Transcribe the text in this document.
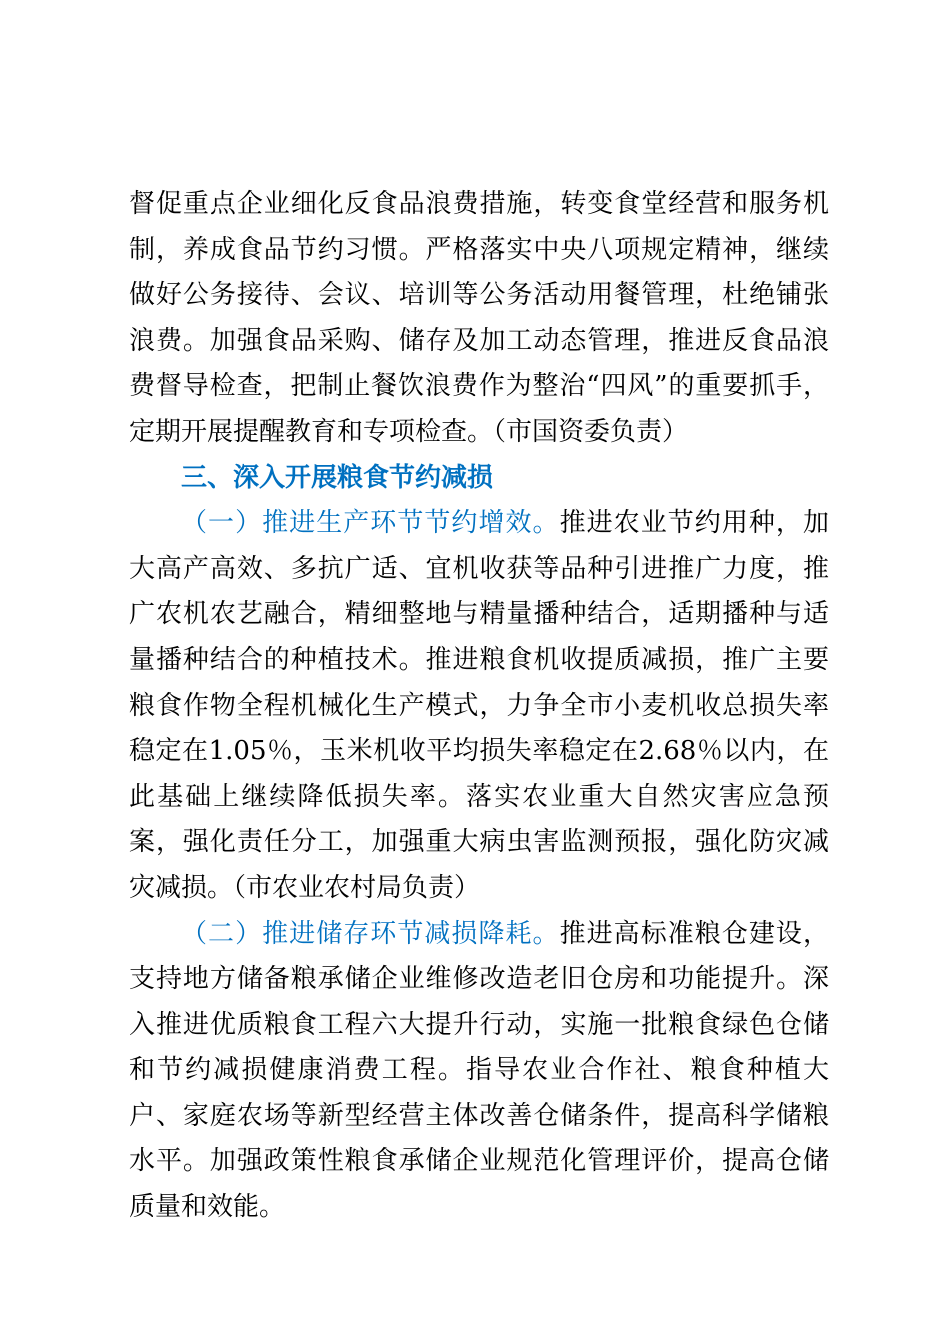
督促重点企业细化反食品浪费措施，转变食堂经营和服务机制，养成食品节约习惯。严格落实中央八项规定精神，继续做好公务接待、会议、培训等公务活动用餐管理，杜绝铺张浪费。加强食品采购、储存及加工动态管理，推进反食品浪费督导检查，把制止餐饮浪费作为整治“四风”的重要抓手，定期开展提醒教育和专项检查。（市国资委负责）

三、深入开展粮食节约减损

（一）推进生产环节节约增效。推进农业节约用种，加大高产高效、多抗广适、宜机收获等品种引进推广力度，推广农机农艺融合，精细整地与精量播种结合，适期播种与适量播种结合的种植技术。推进粮食机收提质减损，推广主要粮食作物全程机械化生产模式，力争全市小麦机收总损失率稳定在1.05％，玉米机收平均损失率稳定在2.68％以内，在此基础上继续降低损失率。落实农业重大自然灾害应急预案，强化责任分工，加强重大病虫害监测预报，强化防灾减灾减损。（市农业农村局负责）

（二）推进储存环节减损降耗。推进高标准粮仓建设，支持地方储备粮承储企业维修改造老旧仓房和功能提升。深入推进优质粮食工程六大提升行动，实施一批粮食绿色仓储和节约减损健康消费工程。指导农业合作社、粮食种植大户、家庭农场等新型经营主体改善仓储条件，提高科学储粮水平。加强政策性粮食承储企业规范化管理评价，提高仓储质量和效能。
